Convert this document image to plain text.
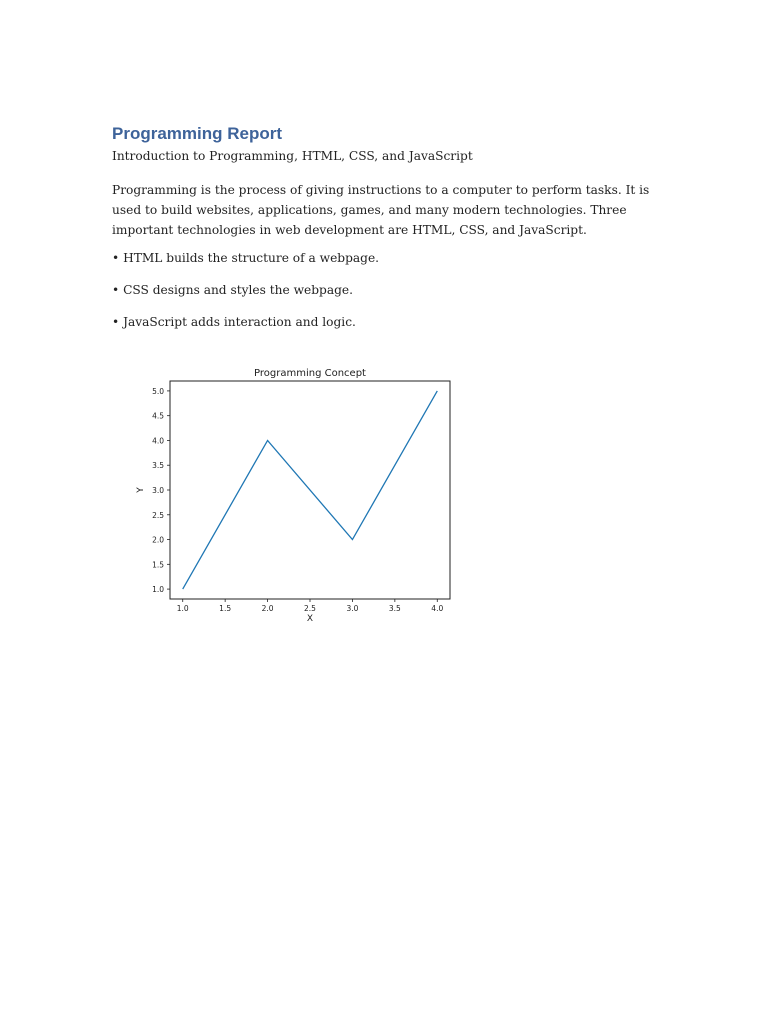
Programming Report

Introduction to Programming, HTML, CSS, and JavaScript

Programming is the process of giving instructions to a computer to perform tasks. It is used to build websites, applications, games, and many modern technologies. Three important technologies in web development are HTML, CSS, and JavaScript.

• HTML builds the structure of a webpage.

• CSS designs and styles the webpage.

• JavaScript adds interaction and logic.

Programming Concept
1.0
1.5
2.0
2.5
3.0
3.5
4.0
4.5
5.0
1.0	1.5	2.0	2.5	3.0	3.5	4.0
Y
X
